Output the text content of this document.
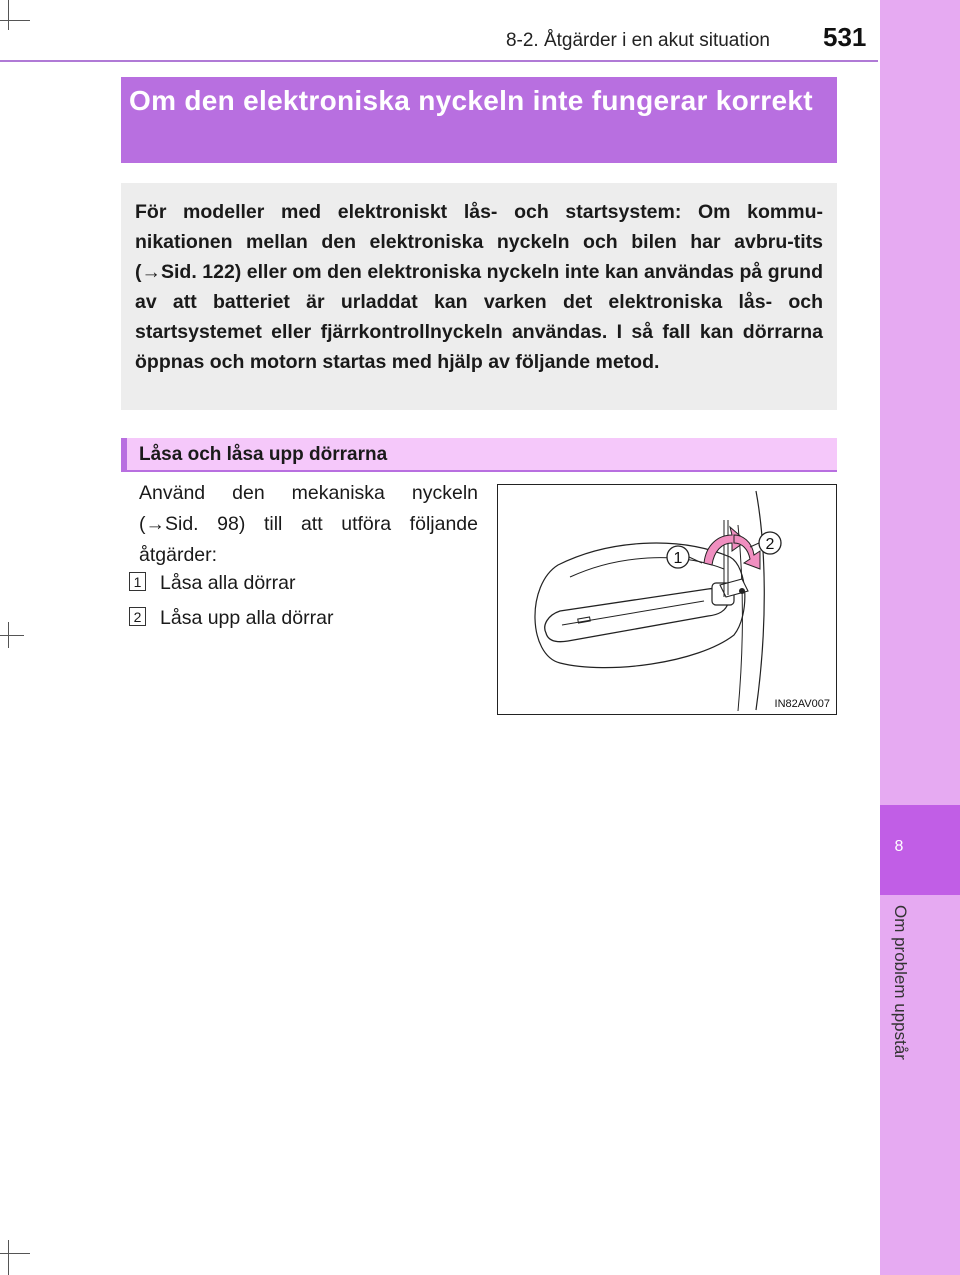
8-2. Åtgärder i en akut situation 531
8
Om problem uppstår
Om den elektroniska nyckeln inte fungerar korrekt
För modeller med elektroniskt lås- och startsystem: Om kommu-nikationen mellan den elektroniska nyckeln och bilen har avbru-tits (→Sid. 122) eller om den elektroniska nyckeln inte kan användas på grund av att batteriet är urladdat kan varken det elektroniska lås- och startsystemet eller fjärrkontrollnyckeln användas. I så fall kan dörrarna öppnas och motorn startas med hjälp av följande metod.
Låsa och låsa upp dörrarna
Använd den mekaniska nyckeln (→Sid. 98) till att utföra följande åtgärder:
1 Låsa alla dörrar
2 Låsa upp alla dörrar
1
2
IN82AV007
